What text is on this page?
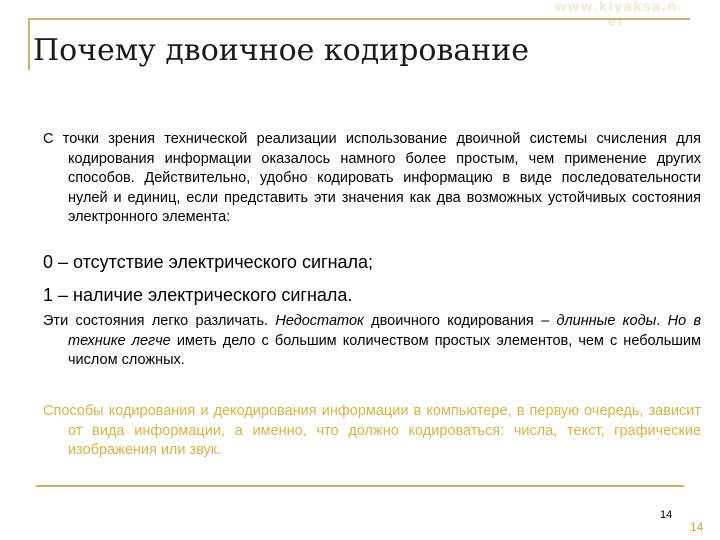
www.klyaksa.n
et
Почему двоичное кодирование

С точки зрения технической реализации использование двоичной системы счисления для кодирования информации оказалось намного более простым, чем применение других способов. Действительно, удобно кодировать информацию в виде последовательности нулей и единиц, если представить эти значения как два возможных устойчивых состояния электронного элемента:

0 – отсутствие электрического сигнала;

1 – наличие электрического сигнала.

Эти состояния легко различать. Недостаток двоичного кодирования – длинные коды. Но в технике легче иметь дело с большим количеством простых элементов, чем с небольшим числом сложных.

Способы кодирования и декодирования информации в компьютере, в первую очередь, зависит от вида информации, а именно, что должно кодироваться: числа, текст, графические изображения или звук.

14
14
